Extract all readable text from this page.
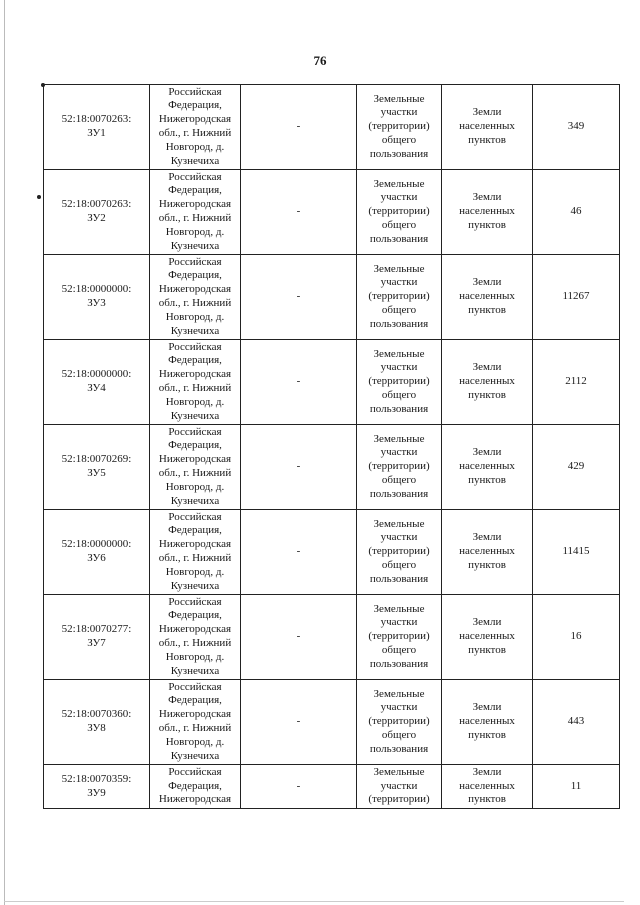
76
52:18:0070263:
ЗУ1	Российская Федерация, Нижегородская обл., г. Нижний Новгород, д. Кузнечиха	-	Земельные участки (территории) общего пользования	Земли населенных пунктов	349

52:18:0070263:
ЗУ2	Российская Федерация, Нижегородская обл., г. Нижний Новгород, д. Кузнечиха	-	Земельные участки (территории) общего пользования	Земли населенных пунктов	46

52:18:0000000:
ЗУ3	Российская Федерация, Нижегородская обл., г. Нижний Новгород, д. Кузнечиха	-	Земельные участки (территории) общего пользования	Земли населенных пунктов	11267

52:18:0000000:
ЗУ4	Российская Федерация, Нижегородская обл., г. Нижний Новгород, д. Кузнечиха	-	Земельные участки (территории) общего пользования	Земли населенных пунктов	2112

52:18:0070269:
ЗУ5	Российская Федерация, Нижегородская обл., г. Нижний Новгород, д. Кузнечиха	-	Земельные участки (территории) общего пользования	Земли населенных пунктов	429

52:18:0000000:
ЗУ6	Российская Федерация, Нижегородская обл., г. Нижний Новгород, д. Кузнечиха	-	Земельные участки (территории) общего пользования	Земли населенных пунктов	11415

52:18:0070277:
ЗУ7	Российская Федерация, Нижегородская обл., г. Нижний Новгород, д. Кузнечиха	-	Земельные участки (территории) общего пользования	Земли населенных пунктов	16

52:18:0070360:
ЗУ8	Российская Федерация, Нижегородская обл., г. Нижний Новгород, д. Кузнечиха	-	Земельные участки (территории) общего пользования	Земли населенных пунктов	443

52:18:0070359:
ЗУ9	Российская Федерация, Нижегородская	-	Земельные участки (территории)	Земли населенных пунктов	11
